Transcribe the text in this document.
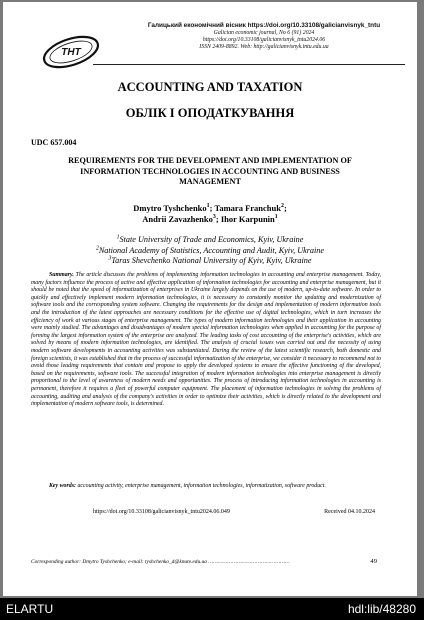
ТНТ
Галицький економічний вісник https://doi.org/10.33108/galicianvisnyk_tntu
Galician economic journal, No 6 (91) 2024
https://doi.org/10.33108/galicianvisnyk_tntu2024.06
ISSN 2409-8892. Web: http://galicianvisnyk.tntu.edu.ua
ACCOUNTING AND TAXATION
ОБЛІК І ОПОДАТКУВАННЯ
UDC 657.004
REQUIREMENTS FOR THE DEVELOPMENT AND IMPLEMENTATION OF INFORMATION TECHNOLOGIES IN ACCOUNTING AND BUSINESS MANAGEMENT
Dmytro Tyshchenko$^1$; Tamara Franchuk$^2$;
Andrii Zavazhenko$^3$; Ihor Karpunin$^1$
$^1$State University of Trade and Economics, Kyiv, Ukraine
$^2$National Academy of Statistics, Accounting and Audit, Kyiv, Ukraine
$^3$Taras Shevchenko National University of Kyiv, Kyiv, Ukraine
Summary. The article discusses the problems of implementing information technologies in accounting and enterprise management. Today, many factors influence the process of active and effective application of information technologies for accounting and enterprise management, but it should be noted that the speed of informatization of enterprises in Ukraine largely depends on the use of modern, up-to-date software. In order to quickly and effectively implement modern information technologies, it is necessary to constantly monitor the updating and modernization of software tools and the corresponding system software. Changing the requirements for the design and implementation of modern information tools and the introduction of the latest approaches are necessary conditions for the effective use of digital technologies, which in turn increases the efficiency of work at various stages of enterprise management. The types of modern information technologies and their application in accounting were mainly studied. The advantages and disadvantages of modern special information technologies when applied in accounting for the purpose of forming the largest information system of the enterprise are analyzed. The leading tasks of cost accounting of the enterprise's activities, which are solved by means of modern information technologies, are identified. The analysis of crucial issues was carried out and the necessity of using modern software developments in accounting activities was substantiated. During the review of the latest scientific research, both domestic and foreign scientists, it was established that in the process of successful informatization of the enterprise, we consider it necessary to recommend not to avoid those leading requirements that contain and propose to apply the developed systems to ensure the effective functioning of the developed, based on the requirements, software tools. The successful integration of modern information technologies into enterprise management is directly proportional to the level of awareness of modern needs and opportunities. The process of introducing information technologies in accounting is permanent, therefore it requires a fleet of powerful computer equipment. The placement of information technologies in solving the problems of accounting, auditing and analysis of the company's activities in order to optimize their activities, which is directly related to the development and implementation of modern software tools, is determined.
Key words: accounting activity, enterprise management, information technologies, informatization, software product.
https://doi.org/10.33108/galicianvisnyk_tntu2024.06.049	Received 04.10.2024
Corresponding author: Dmytro Tyshchenko; e-mail: tyshchenko_d@knute.edu.ua ……………………………………………	49
ELARTU	hdl:lib/48280
